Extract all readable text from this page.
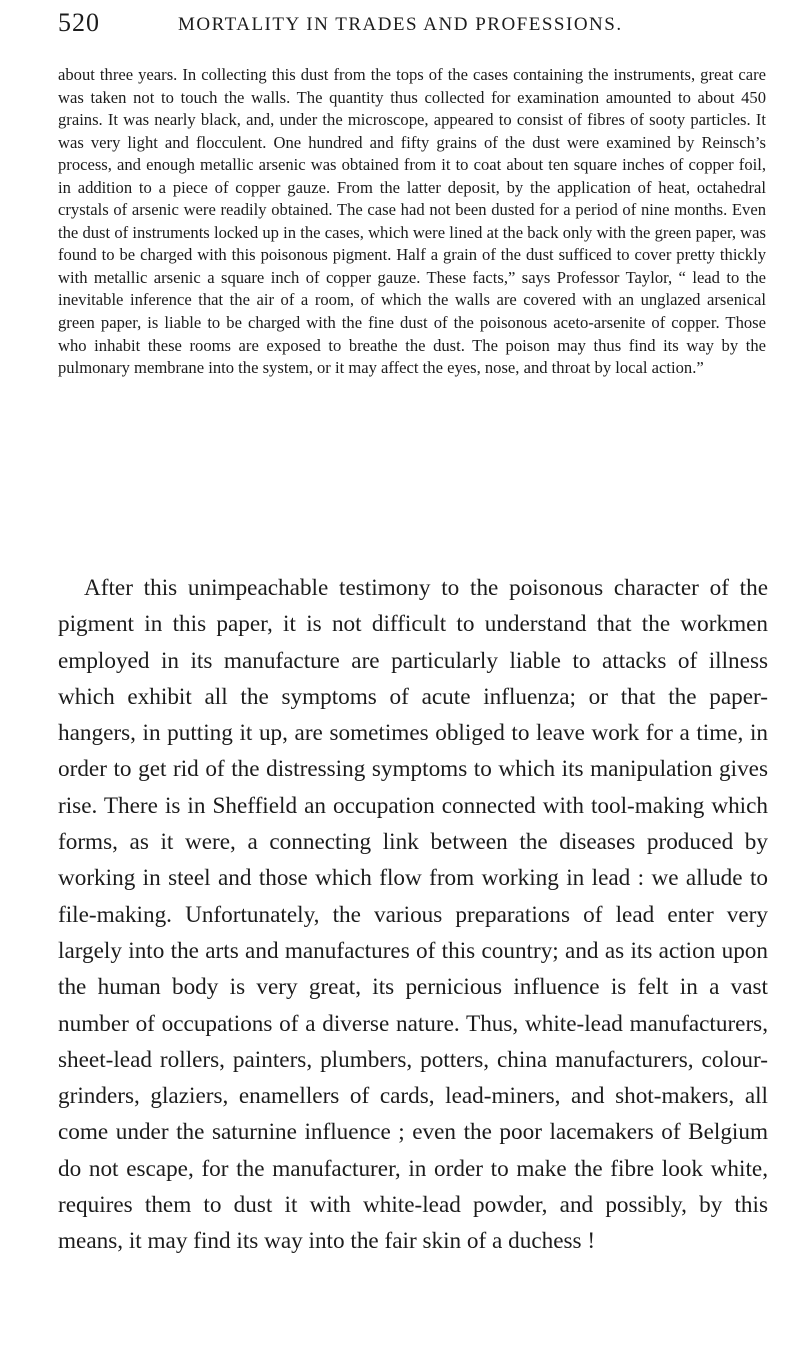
520	MORTALITY IN TRADES AND PROFESSIONS.

about three years. In collecting this dust from the tops of the cases containing the instruments, great care was taken not to touch the walls. The quantity thus collected for examination amounted to about 450 grains. It was nearly black, and, under the microscope, appeared to consist of fibres of sooty particles. It was very light and flocculent. One hundred and fifty grains of the dust were examined by Reinsch’s process, and enough metallic arsenic was obtained from it to coat about ten square inches of copper foil, in addition to a piece of copper gauze. From the latter deposit, by the application of heat, octahedral crystals of arsenic were readily obtained. The case had not been dusted for a period of nine months. Even the dust of instruments locked up in the cases, which were lined at the back only with the green paper, was found to be charged with this poisonous pigment. Half a grain of the dust sufficed to cover pretty thickly with metallic arsenic a square inch of copper gauze. These facts,” says Professor Taylor, “ lead to the inevitable inference that the air of a room, of which the walls are covered with an unglazed arsenical green paper, is liable to be charged with the fine dust of the poisonous aceto-arsenite of copper. Those who inhabit these rooms are exposed to breathe the dust. The poison may thus find its way by the pulmonary membrane into the system, or it may affect the eyes, nose, and throat by local action.”

After this unimpeachable testimony to the poisonous character of the pigment in this paper, it is not difficult to understand that the workmen employed in its manufacture are particularly liable to attacks of illness which exhibit all the symptoms of acute influenza; or that the paper-hangers, in putting it up, are sometimes obliged to leave work for a time, in order to get rid of the distressing symptoms to which its manipulation gives rise. There is in Sheffield an occupation connected with tool-making which forms, as it were, a connecting link between the diseases produced by working in steel and those which flow from working in lead : we allude to file-making. Unfortunately, the various preparations of lead enter very largely into the arts and manufactures of this country; and as its action upon the human body is very great, its pernicious influence is felt in a vast number of occupations of a diverse nature. Thus, white-lead manufacturers, sheet-lead rollers, painters, plumbers, potters, china manufacturers, colour-grinders, glaziers, enamellers of cards, lead-miners, and shot-makers, all come under the saturnine influence ; even the poor lacemakers of Belgium do not escape, for the manufacturer, in order to make the fibre look white, requires them to dust it with white-lead powder, and possibly, by this means, it may find its way into the fair skin of a duchess !
